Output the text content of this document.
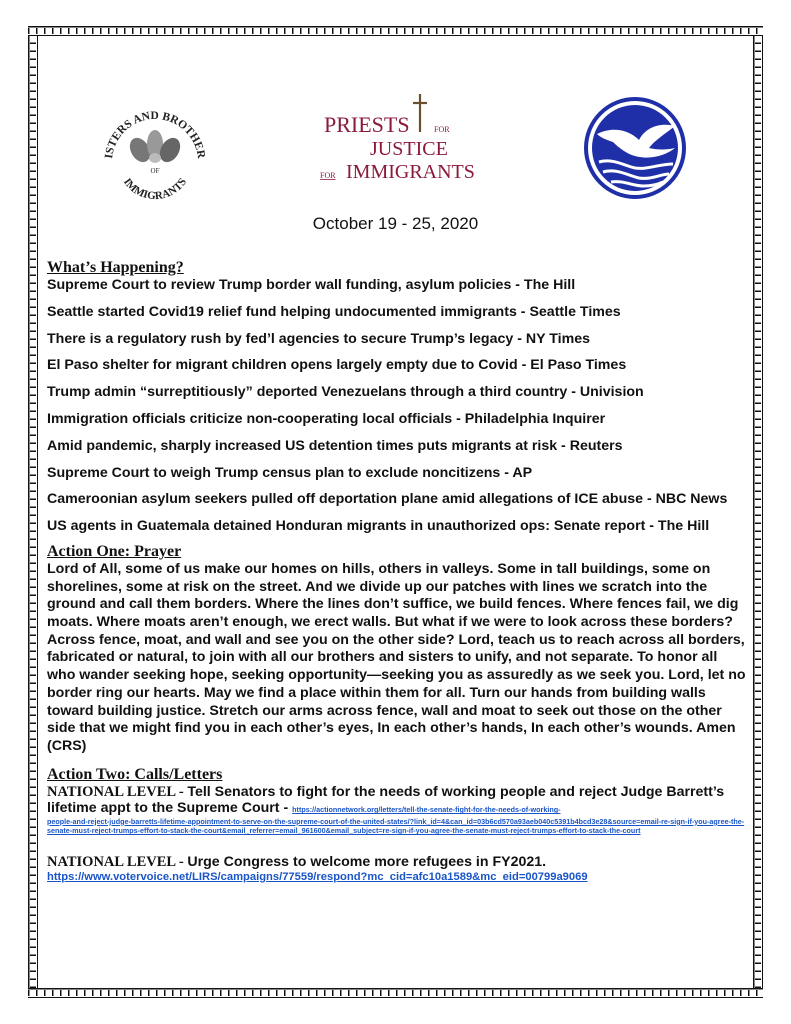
ISTERS AND BROTHER
IMMIGRANTS
OF
PRIESTS	FOR
JUSTICE
FOR IMMIGRANTS
October 19 - 25, 2020
What’s Happening?
Supreme Court to review Trump border wall funding, asylum policies - The Hill
Seattle started Covid19 relief fund helping undocumented immigrants - Seattle Times
There is a regulatory rush by fed’l agencies to secure Trump’s legacy - NY Times
El Paso shelter for migrant children opens largely empty due to Covid - El Paso Times
Trump admin “surreptitiously” deported Venezuelans through a third country - Univision
Immigration officials criticize non-cooperating local officials - Philadelphia Inquirer
Amid pandemic, sharply increased US detention times puts migrants at risk - Reuters
Supreme Court to weigh Trump census plan to exclude noncitizens - AP
Cameroonian asylum seekers pulled off deportation plane amid allegations of ICE abuse - NBC News
US agents in Guatemala detained Honduran migrants in unauthorized ops: Senate report - The Hill
Action One: Prayer

Lord of All, some of us make our homes on hills, others in valleys. Some in tall buildings, some on shorelines, some at risk on the street. And we divide up our patches with lines we scratch into the ground and call them borders. Where the lines don’t suffice, we build fences. Where fences fail, we dig moats. Where moats aren’t enough, we erect walls. But what if we were to look across these borders? Across fence, moat, and wall and see you on the other side? Lord, teach us to reach across all borders, fabricated or natural, to join with all our brothers and sisters to unify, and not separate. To honor all who wander seeking hope, seeking opportunity—seeking you as assuredly as we seek you. Lord, let no border ring our hearts. May we find a place within them for all. Turn our hands from building walls toward building justice. Stretch our arms across fence, wall and moat to seek out those on the other side that we might find you in each other’s eyes, In each other’s hands, In each other’s wounds. Amen (CRS)

Action Two: Calls/Letters

NATIONAL LEVEL - Tell Senators to fight for the needs of working people and reject Judge Barrett’s lifetime appt to the Supreme Court - https://actionnetwork.org/letters/tell-the-senate-fight-for-the-needs-of-working-
people-and-reject-judge-barretts-lifetime-appointment-to-serve-on-the-supreme-court-of-the-united-states/?link_id=4&can_id=03b6cd570a93aeb040c5391b4bcd3e28&source=email-re-sign-if-you-agree-the-senate-must-reject-trumps-effort-to-stack-the-court&email_referrer=email_961600&email_subject=re-sign-if-you-agree-the-senate-must-reject-trumps-effort-to-stack-the-court

NATIONAL LEVEL - Urge Congress to welcome more refugees in FY2021.
https://www.votervoice.net/LIRS/campaigns/77559/respond?mc_cid=afc10a1589&mc_eid=00799a9069
